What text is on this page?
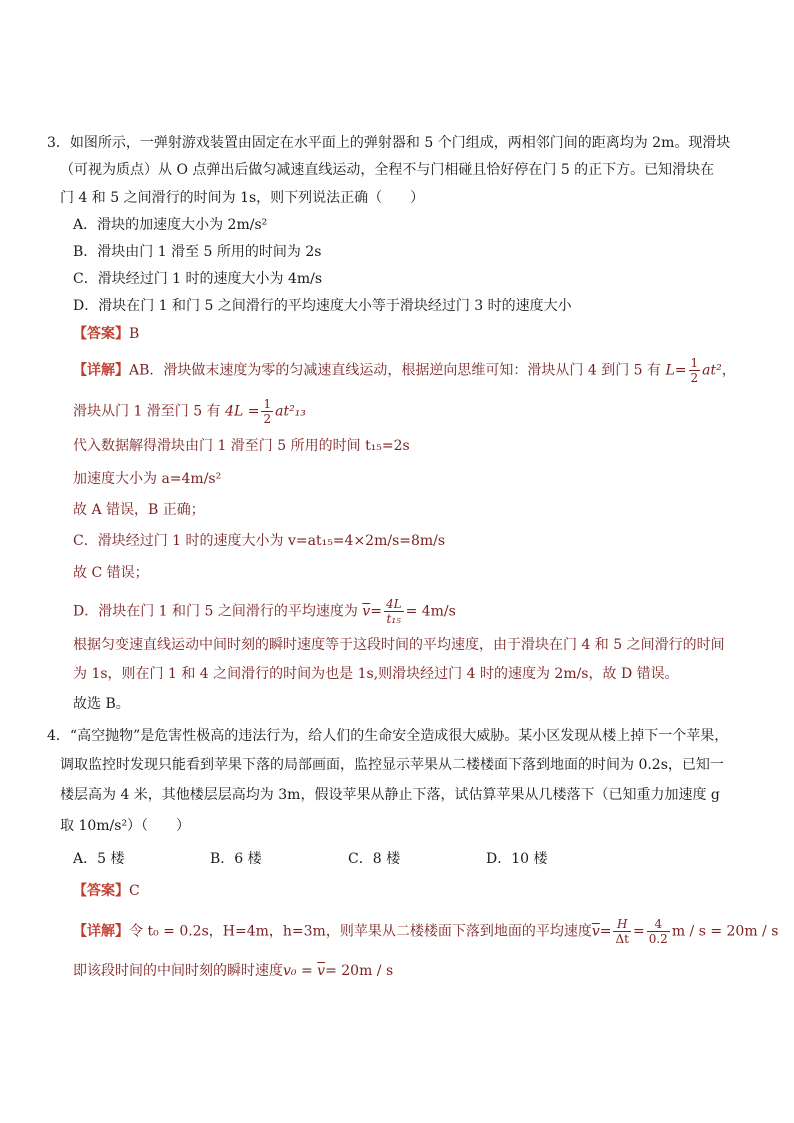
3．如图所示，一弹射游戏装置由固定在水平面上的弹射器和 5 个门组成，两相邻门间的距离均为 2m。现滑块
（可视为质点）从 O 点弹出后做匀减速直线运动，全程不与门相碰且恰好停在门 5 的正下方。已知滑块在
门 4 和 5 之间滑行的时间为 1s，则下列说法正确（　　）
A．滑块的加速度大小为 2m/s²
B．滑块由门 1 滑至 5 所用的时间为 2s
C．滑块经过门 1 时的速度大小为 4m/s
D．滑块在门 1 和门 5 之间滑行的平均速度大小等于滑块经过门 3 时的速度大小
【答案】B
【详解】AB．滑块做末速度为零的匀减速直线运动，根据逆向思维可知：滑块从门 4 到门 5 有 $L= \frac{1}{2} at^2$，
滑块从门 1 滑至门 5 有 $4L = \frac{1}{2} at^2_{13}$
代入数据解得滑块由门 1 滑至门 5 所用的时间 t₁₅=2s
加速度大小为 a=4m/s²
故 A 错误，B 正确；
C．滑块经过门 1 时的速度大小为 v=at₁₅=4×2m/s=8m/s
故 C 错误；
D．滑块在门 1 和门 5 之间滑行的平均速度为 $\overline{v}= \frac{4L}{\text{t₁₅}} = 4m/s$
根据匀变速直线运动中间时刻的瞬时速度等于这段时间的平均速度，由于滑块在门 4 和 5 之间滑行的时间
为 1s，则在门 1 和 4 之间滑行的时间为也是 1s,则滑块经过门 4 时的速度为 2m/s，故 D 错误。
故选 B。
4．“高空抛物”是危害性极高的违法行为，给人们的生命安全造成很大威胁。某小区发现从楼上掉下一个苹果，
调取监控时发现只能看到苹果下落的局部画面，监控显示苹果从二楼楼面下落到地面的时间为 0.2s，已知一
楼层高为 4 米，其他楼层层高均为 3m，假设苹果从静止下落，试估算苹果从几楼落下（已知重力加速度 g
取 10m/s²）（　　）
A．5 楼	B．6 楼	C．8 楼	D．10 楼
【答案】C
【详解】令 t₀ = 0.2s，H=4m，h=3m，则苹果从二楼楼面下落到地面的平均速度$\overline{v}= \frac{H}{\Delta t} = \frac{4}{0.2}$ m / s = 20m / s
即该段时间的中间时刻的瞬时速度$v_0 = \overline{v}= 20m / s$
